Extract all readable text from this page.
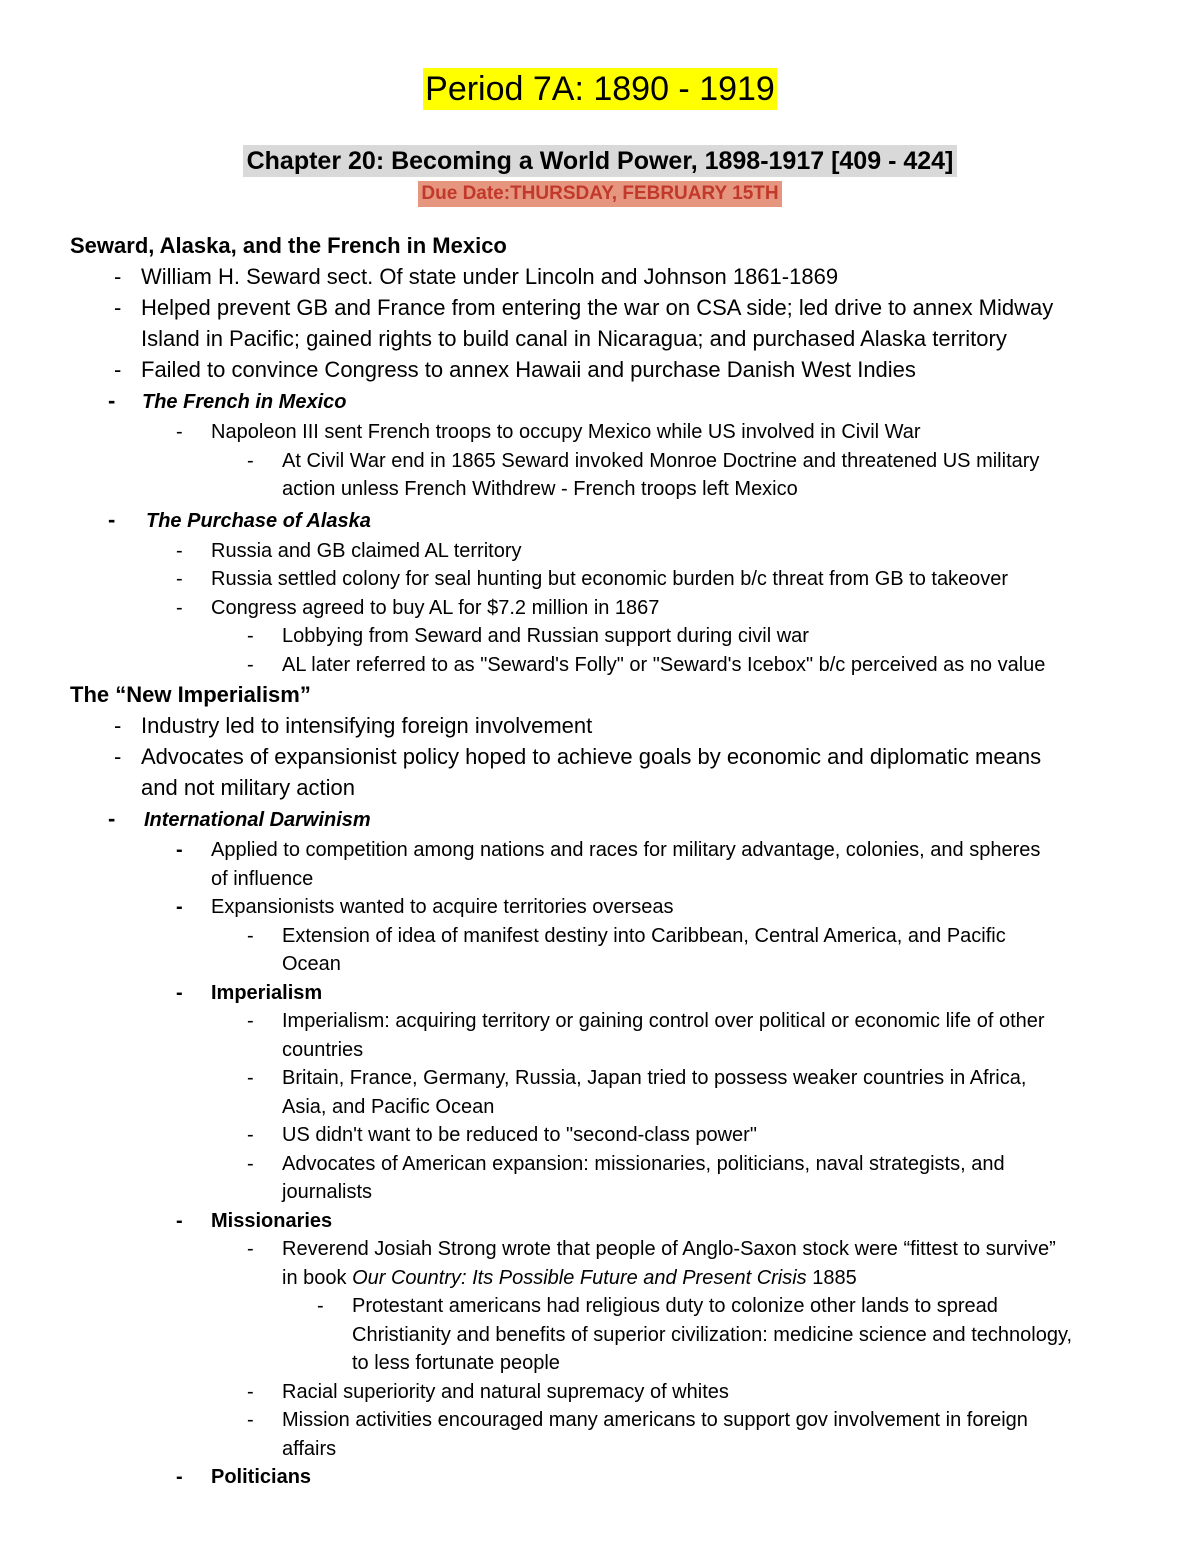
Period 7A: 1890 - 1919
Chapter 20: Becoming a World Power, 1898-1917 [409 - 424]
Due Date:THURSDAY, FEBRUARY 15TH
Seward, Alaska, and the French in Mexico
- William H. Seward sect. Of state under Lincoln and Johnson 1861-1869
- Helped prevent GB and France from entering the war on CSA side; led drive to annex Midway
Island in Pacific; gained rights to build canal in Nicaragua; and purchased Alaska territory
- Failed to convince Congress to annex Hawaii and purchase Danish West Indies
- The French in Mexico
- Napoleon III sent French troops to occupy Mexico while US involved in Civil War
- At Civil War end in 1865 Seward invoked Monroe Doctrine and threatened US military
action unless French Withdrew - French troops left Mexico
- The Purchase of Alaska
- Russia and GB claimed AL territory
- Russia settled colony for seal hunting but economic burden b/c threat from GB to takeover
- Congress agreed to buy AL for $7.2 million in 1867
- Lobbying from Seward and Russian support during civil war
- AL later referred to as "Seward's Folly" or "Seward's Icebox" b/c perceived as no value
The “New Imperialism”
- Industry led to intensifying foreign involvement
- Advocates of expansionist policy hoped to achieve goals by economic and diplomatic means
and not military action
- International Darwinism
- Applied to competition among nations and races for military advantage, colonies, and spheres
of influence
- Expansionists wanted to acquire territories overseas
- Extension of idea of manifest destiny into Caribbean, Central America, and Pacific
Ocean
- Imperialism
- Imperialism: acquiring territory or gaining control over political or economic life of other
countries
- Britain, France, Germany, Russia, Japan tried to possess weaker countries in Africa,
Asia, and Pacific Ocean
- US didn't want to be reduced to "second-class power"
- Advocates of American expansion: missionaries, politicians, naval strategists, and
journalists
- Missionaries
- Reverend Josiah Strong wrote that people of Anglo-Saxon stock were “fittest to survive”
in book Our Country: Its Possible Future and Present Crisis 1885
- Protestant americans had religious duty to colonize other lands to spread
Christianity and benefits of superior civilization: medicine science and technology,
to less fortunate people
- Racial superiority and natural supremacy of whites
- Mission activities encouraged many americans to support gov involvement in foreign
affairs
- Politicians
